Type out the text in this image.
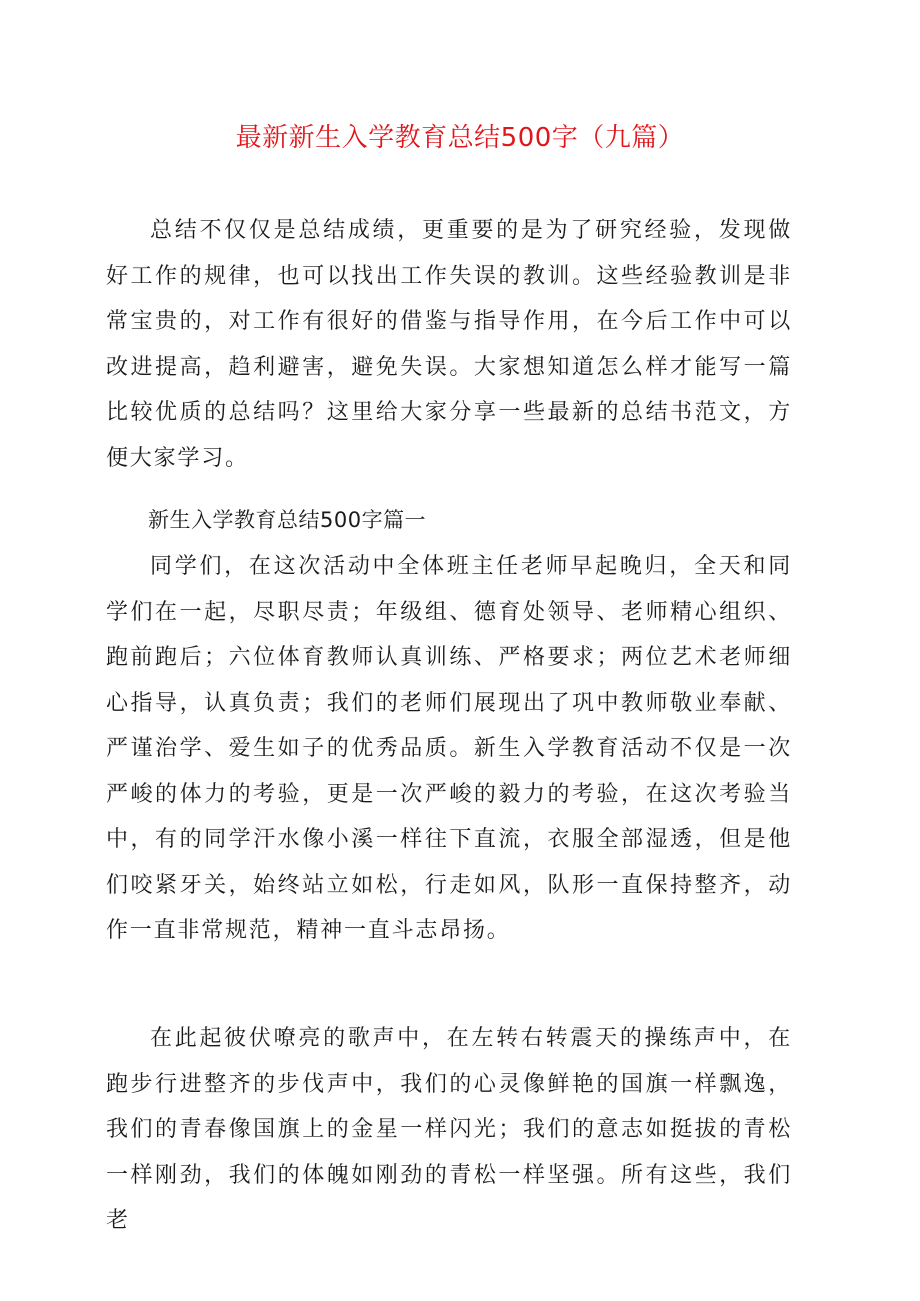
最新新生入学教育总结500字（九篇）

总结不仅仅是总结成绩，更重要的是为了研究经验，发现做好工作的规律，也可以找出工作失误的教训。这些经验教训是非常宝贵的，对工作有很好的借鉴与指导作用，在今后工作中可以改进提高，趋利避害，避免失误。大家想知道怎么样才能写一篇比较优质的总结吗？这里给大家分享一些最新的总结书范文，方便大家学习。

新生入学教育总结500字篇一

同学们，在这次活动中全体班主任老师早起晚归，全天和同学们在一起，尽职尽责；年级组、德育处领导、老师精心组织、跑前跑后；六位体育教师认真训练、严格要求；两位艺术老师细心指导，认真负责；我们的老师们展现出了巩中教师敬业奉献、严谨治学、爱生如子的优秀品质。新生入学教育活动不仅是一次严峻的体力的考验，更是一次严峻的毅力的考验，在这次考验当中，有的同学汗水像小溪一样往下直流，衣服全部湿透，但是他们咬紧牙关，始终站立如松，行走如风，队形一直保持整齐，动作一直非常规范，精神一直斗志昂扬。

在此起彼伏嘹亮的歌声中，在左转右转震天的操练声中，在跑步行进整齐的步伐声中，我们的心灵像鲜艳的国旗一样飘逸，我们的青春像国旗上的金星一样闪光；我们的意志如挺拔的青松一样刚劲，我们的体魄如刚劲的青松一样坚强。所有这些，我们老
